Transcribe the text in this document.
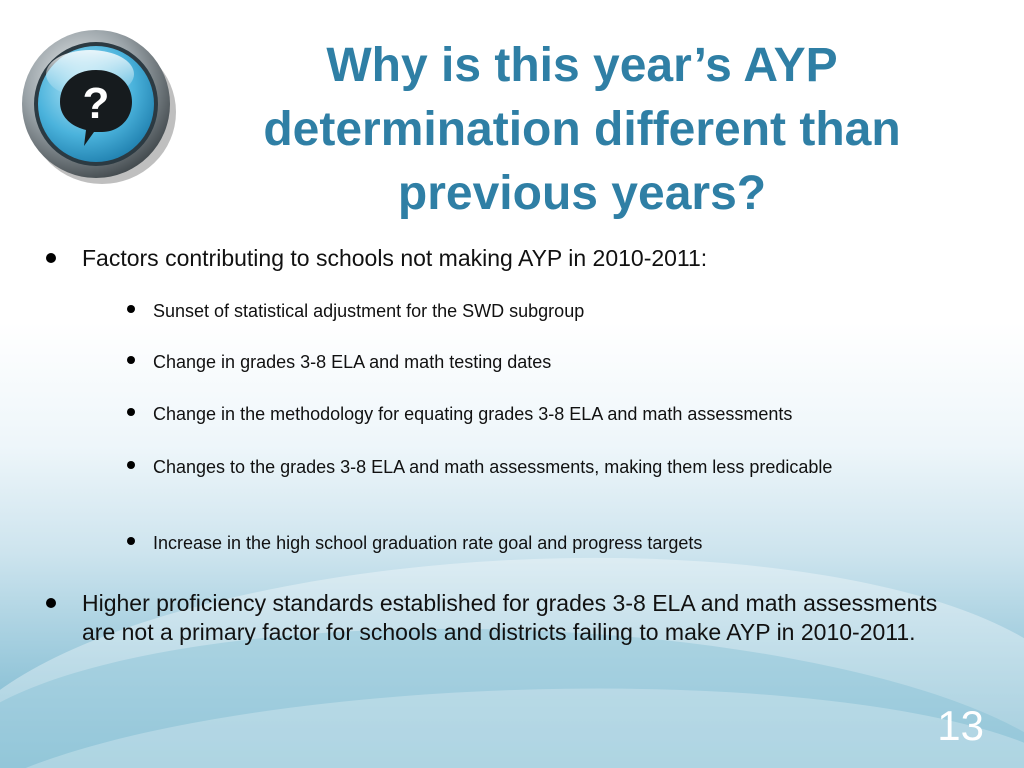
?
Why is this year’s AYP determination different than previous years?
Factors contributing to schools not making AYP in 2010-2011:
Sunset of statistical adjustment for the SWD subgroup
Change in grades 3-8 ELA and math testing dates
Change in the methodology for equating grades 3-8 ELA and math assessments
Changes to the grades 3-8 ELA and math assessments, making them less predicable
Increase in the high school graduation rate goal and progress targets
Higher proficiency standards established for grades 3-8 ELA and math assessments are not a primary factor for schools and districts failing to make AYP in 2010-2011.
13
